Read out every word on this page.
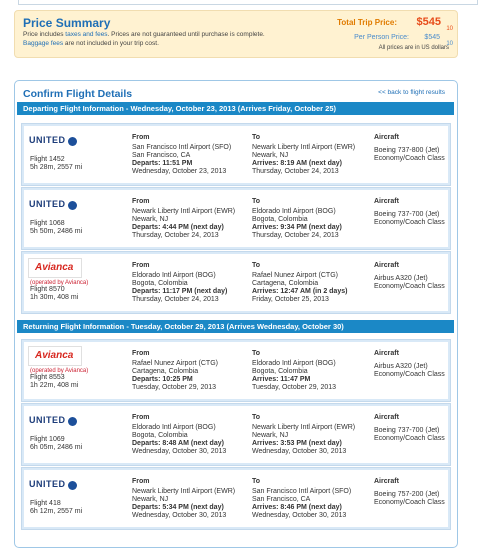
Price Summary
Price includes taxes and fees. Prices are not guaranteed until purchase is complete.
Baggage fees are not included in your trip cost.
Total Trip Price: $545
10
Per Person Price: $545
10
All prices are in US dollars
Confirm Flight Details	<< back to flight results
Departing Flight Information - Wednesday, October 23, 2013 (Arrives Friday, October 25)
Returning Flight Information - Tuesday, October 29, 2013 (Arrives Wednesday, October 30)
UNITED
Flight 1452
5h 28m, 2557 mi
From
San Francisco Intl Airport (SFO)
San Francisco, CA
Departs: 11:51 PM
Wednesday, October 23, 2013
To
Newark Liberty Intl Airport (EWR)
Newark, NJ
Arrives: 8:19 AM (next day)
Thursday, October 24, 2013
Aircraft
Boeing 737-800 (Jet)
Economy/Coach Class
UNITED
Flight 1068
5h 50m, 2486 mi
From
Newark Liberty Intl Airport (EWR)
Newark, NJ
Departs: 4:44 PM (next day)
Thursday, October 24, 2013
To
Eldorado Intl Airport (BOG)
Bogota, Colombia
Arrives: 9:34 PM (next day)
Thursday, October 24, 2013
Aircraft
Boeing 737-700 (Jet)
Economy/Coach Class
Avianca
(operated by Avianca)
Flight 8570
1h 30m, 408 mi
From
Eldorado Intl Airport (BOG)
Bogota, Colombia
Departs: 11:17 PM (next day)
Thursday, October 24, 2013
To
Rafael Nunez Airport (CTG)
Cartagena, Colombia
Arrives: 12:47 AM (in 2 days)
Friday, October 25, 2013
Aircraft
Airbus A320 (Jet)
Economy/Coach Class
Avianca
(operated by Avianca)
Flight 8553
1h 22m, 408 mi
From
Rafael Nunez Airport (CTG)
Cartagena, Colombia
Departs: 10:25 PM
Tuesday, October 29, 2013
To
Eldorado Intl Airport (BOG)
Bogota, Colombia
Arrives: 11:47 PM
Tuesday, October 29, 2013
Aircraft
Airbus A320 (Jet)
Economy/Coach Class
UNITED
Flight 1069
6h 05m, 2486 mi
From
Eldorado Intl Airport (BOG)
Bogota, Colombia
Departs: 8:48 AM (next day)
Wednesday, October 30, 2013
To
Newark Liberty Intl Airport (EWR)
Newark, NJ
Arrives: 3:53 PM (next day)
Wednesday, October 30, 2013
Aircraft
Boeing 737-700 (Jet)
Economy/Coach Class
UNITED
Flight 418
6h 12m, 2557 mi
From
Newark Liberty Intl Airport (EWR)
Newark, NJ
Departs: 5:34 PM (next day)
Wednesday, October 30, 2013
To
San Francisco Intl Airport (SFO)
San Francisco, CA
Arrives: 8:46 PM (next day)
Wednesday, October 30, 2013
Aircraft
Boeing 757-200 (Jet)
Economy/Coach Class
